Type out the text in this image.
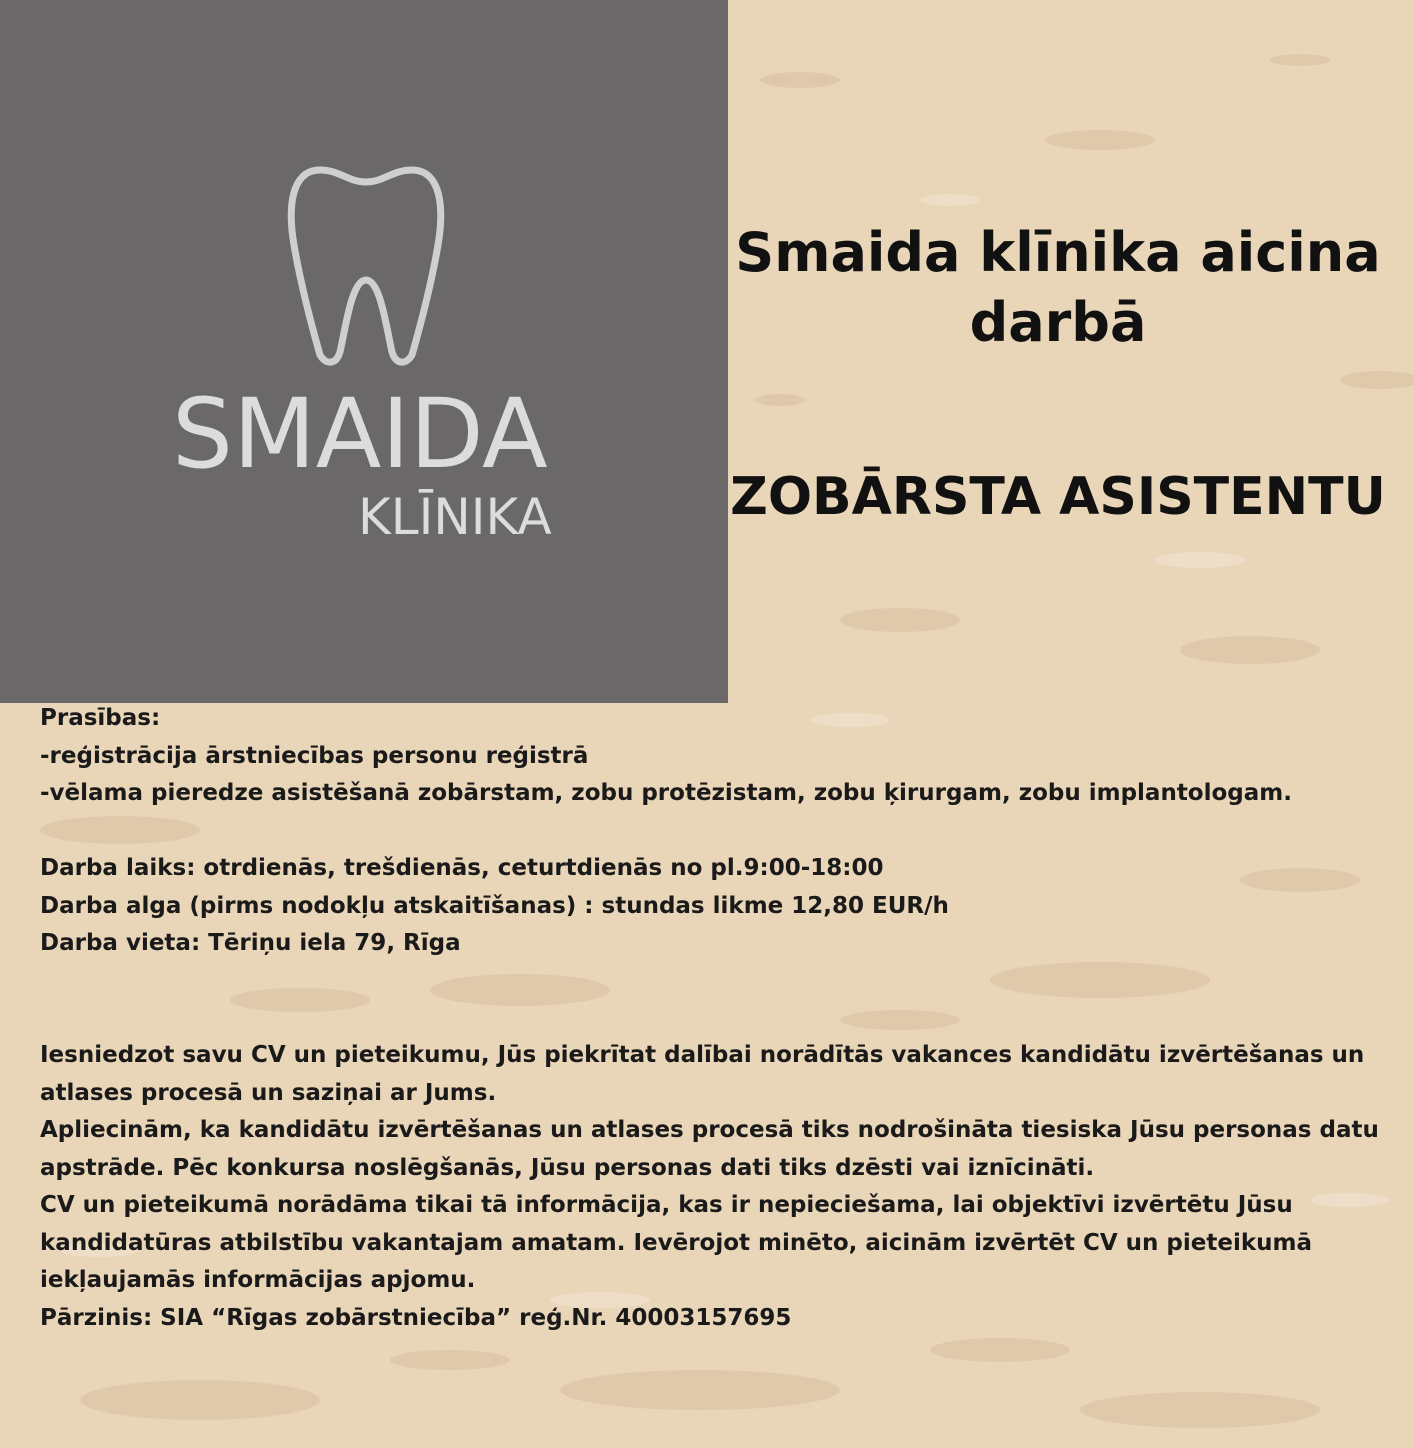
SMAIDA
KLĪNIKA
Smaida klīnika aicina
darbā
ZOBĀRSTA ASISTENTU

Prasības:

-reģistrācija ārstniecības personu reģistrā

-vēlama pieredze asistēšanā zobārstam, zobu protēzistam, zobu ķirurgam, zobu implantologam.

Darba laiks: otrdienās, trešdienās, ceturtdienās no pl.9:00-18:00

Darba alga (pirms nodokļu atskaitīšanas) : stundas likme 12,80 EUR/h

Darba vieta: Tēriņu iela 79, Rīga

Iesniedzot savu CV un pieteikumu, Jūs piekrītat dalībai norādītās vakances kandidātu izvērtēšanas un atlases procesā un saziņai ar Jums.

Apliecinām, ka kandidātu izvērtēšanas un atlases procesā tiks nodrošināta tiesiska Jūsu personas datu apstrāde. Pēc konkursa noslēgšanās, Jūsu personas dati tiks dzēsti vai iznīcināti.

CV un pieteikumā norādāma tikai tā informācija, kas ir nepieciešama, lai objektīvi izvērtētu Jūsu kandidatūras atbilstību vakantajam amatam. Ievērojot minēto, aicinām izvērtēt CV un pieteikumā iekļaujamās informācijas apjomu.

Pārzinis: SIA “Rīgas zobārstniecība” reģ.Nr. 40003157695
